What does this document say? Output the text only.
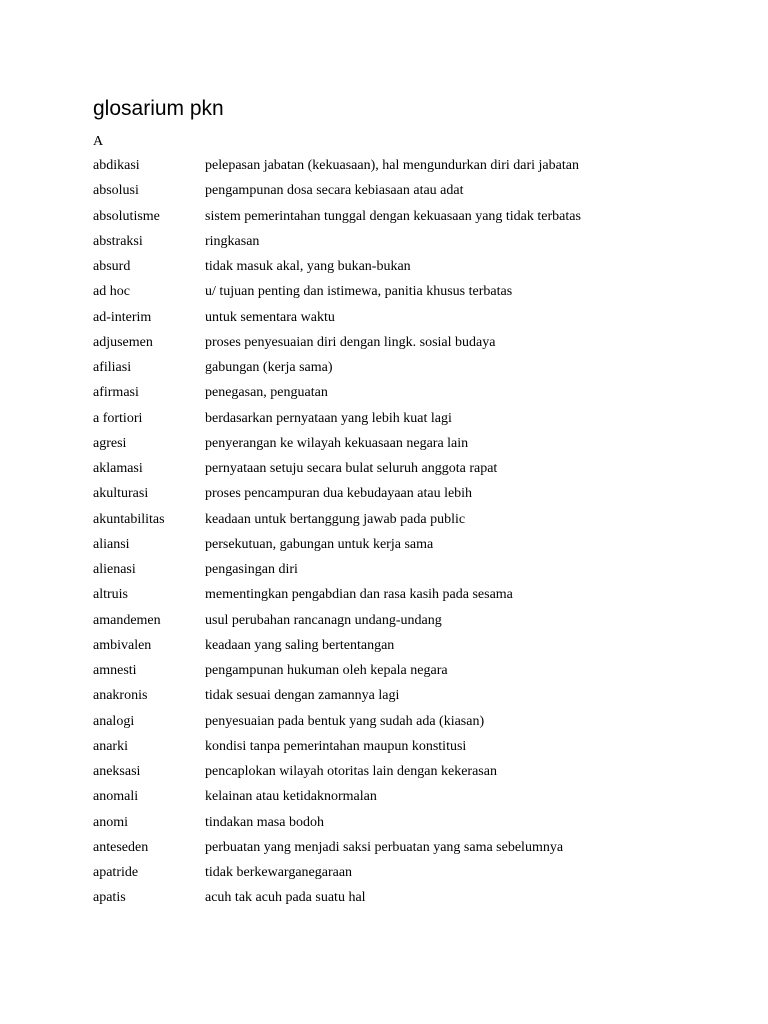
glosarium pkn
A
abdikasi	pelepasan jabatan (kekuasaan), hal mengundurkan diri dari jabatan
absolusi	pengampunan dosa secara kebiasaan atau adat
absolutisme	sistem pemerintahan tunggal dengan kekuasaan yang tidak terbatas
abstraksi	ringkasan
absurd	tidak masuk akal, yang bukan-bukan
ad hoc	u/ tujuan penting dan istimewa, panitia khusus terbatas
ad-interim	untuk sementara waktu
adjusemen	proses penyesuaian diri dengan lingk. sosial budaya
afiliasi	gabungan (kerja sama)
afirmasi	penegasan, penguatan
a fortiori	berdasarkan pernyataan yang lebih kuat lagi
agresi	penyerangan ke wilayah kekuasaan negara lain
aklamasi	pernyataan setuju secara bulat seluruh anggota rapat
akulturasi	proses pencampuran dua kebudayaan atau lebih
akuntabilitas	keadaan untuk bertanggung jawab pada public
aliansi	persekutuan, gabungan untuk kerja sama
alienasi	pengasingan diri
altruis	mementingkan pengabdian dan rasa kasih pada sesama
amandemen	usul perubahan rancanagn undang-undang
ambivalen	keadaan yang saling bertentangan
amnesti	pengampunan hukuman oleh kepala negara
anakronis	tidak sesuai dengan zamannya lagi
analogi	penyesuaian pada bentuk yang sudah ada (kiasan)
anarki	kondisi tanpa pemerintahan maupun konstitusi
aneksasi	pencaplokan wilayah otoritas lain dengan kekerasan
anomali	kelainan atau ketidaknormalan
anomi	tindakan masa bodoh
anteseden	perbuatan yang menjadi saksi perbuatan yang sama sebelumnya
apatride	tidak berkewarganegaraan
apatis	acuh tak acuh pada suatu hal
